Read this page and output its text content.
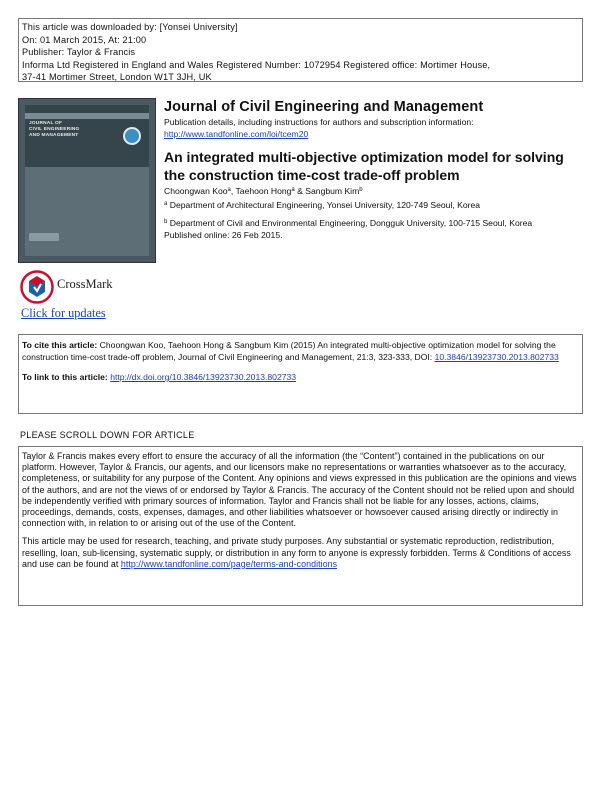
This article was downloaded by: [Yonsei University]
On: 01 March 2015, At: 21:00
Publisher: Taylor & Francis
Informa Ltd Registered in England and Wales Registered Number: 1072954 Registered office: Mortimer House,
37-41 Mortimer Street, London W1T 3JH, UK
JOURNAL OF
CIVIL ENGINEERING
AND MANAGEMENT
Journal of Civil Engineering and Management
Publication details, including instructions for authors and subscription information:
http://www.tandfonline.com/loi/tcem20
An integrated multi-objective optimization model for solving the construction time-cost trade-off problem
Choongwan Koo$^a$, Taehoon Hong$^a$ & Sangbum Kim$^b$
$^a$ Department of Architectural Engineering, Yonsei University, 120-749 Seoul, Korea
$^b$ Department of Civil and Environmental Engineering, Dongguk University, 100-715 Seoul, Korea
Published online: 26 Feb 2015.
CrossMark
Click for updates
To cite this article: Choongwan Koo, Taehoon Hong & Sangbum Kim (2015) An integrated multi-objective optimization model for solving the construction time-cost trade-off problem, Journal of Civil Engineering and Management, 21:3, 323-333, DOI: 10.3846/13923730.2013.802733
To link to this article: http://dx.doi.org/10.3846/13923730.2013.802733
PLEASE SCROLL DOWN FOR ARTICLE

Taylor & Francis makes every effort to ensure the accuracy of all the information (the “Content”) contained in the publications on our platform. However, Taylor & Francis, our agents, and our licensors make no representations or warranties whatsoever as to the accuracy, completeness, or suitability for any purpose of the Content. Any opinions and views expressed in this publication are the opinions and views of the authors, and are not the views of or endorsed by Taylor & Francis. The accuracy of the Content should not be relied upon and should be independently verified with primary sources of information. Taylor and Francis shall not be liable for any losses, actions, claims, proceedings, demands, costs, expenses, damages, and other liabilities whatsoever or howsoever caused arising directly or indirectly in connection with, in relation to or arising out of the use of the Content.

This article may be used for research, teaching, and private study purposes. Any substantial or systematic reproduction, redistribution, reselling, loan, sub-licensing, systematic supply, or distribution in any form to anyone is expressly forbidden. Terms & Conditions of access and use can be found at http://www.tandfonline.com/page/terms-and-conditions
